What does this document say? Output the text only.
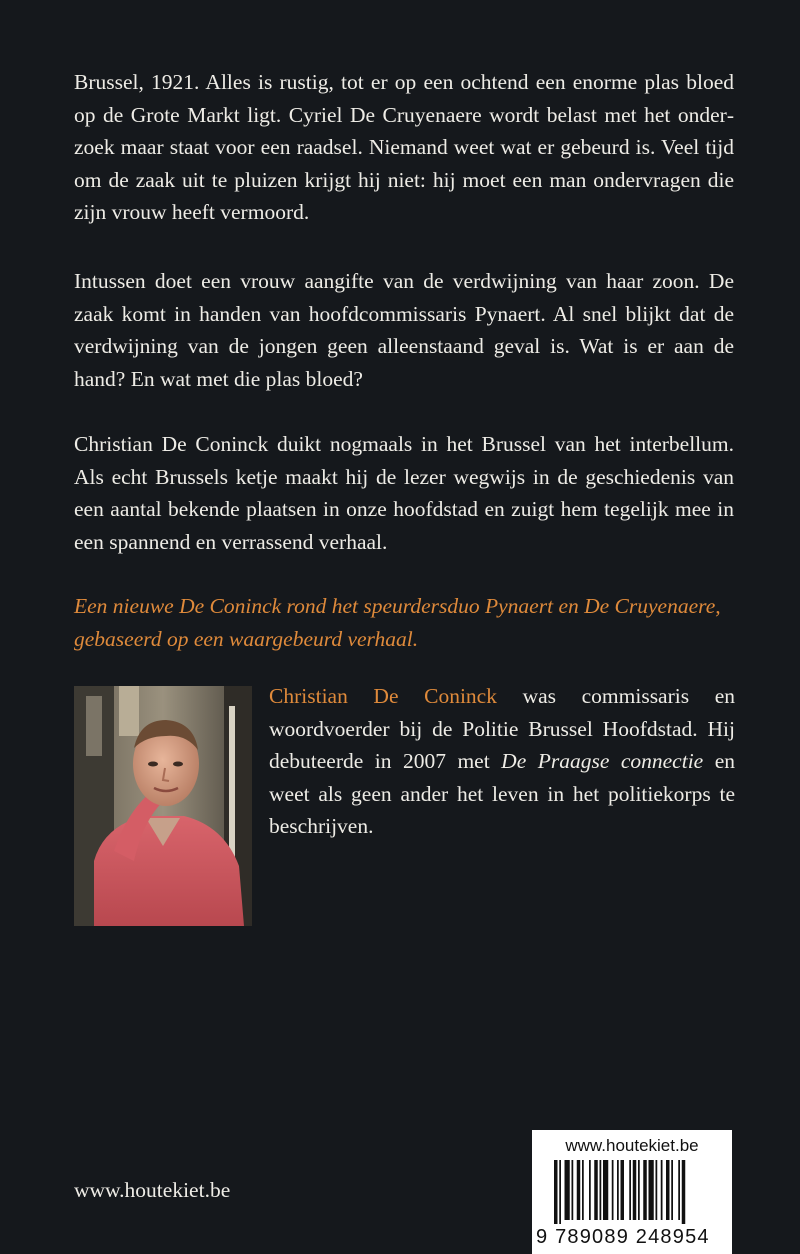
Brussel, 1921. Alles is rustig, tot er op een ochtend een enorme plas bloed op de Grote Markt ligt. Cyriel De Cruyenaere wordt belast met het onderzoek maar staat voor een raadsel. Niemand weet wat er gebeurd is. Veel tijd om de zaak uit te pluizen krijgt hij niet: hij moet een man ondervragen die zijn vrouw heeft vermoord.

Intussen doet een vrouw aangifte van de verdwijning van haar zoon. De zaak komt in handen van hoofdcommissaris Pynaert. Al snel blijkt dat de verdwijning van de jongen geen alleenstaand geval is. Wat is er aan de hand? En wat met die plas bloed?

Christian De Coninck duikt nogmaals in het Brussel van het interbellum. Als echt Brussels ketje maakt hij de lezer wegwijs in de geschiedenis van een aantal bekende plaatsen in onze hoofdstad en zuigt hem tegelijk mee in een spannend en verrassend verhaal.

Een nieuwe De Coninck rond het speurdersduo Pynaert en De Cruyenaere,
gebaseerd op een waargebeurd verhaal.

Christian De Coninck was commissaris en woordvoerder bij de Politie Brussel Hoofdstad. Hij debuteerde in 2007 met De Praagse connectie en weet als geen ander het leven in het politiekorps te beschrijven.

www.houtekiet.be
www.houtekiet.be
9 789089 248954
